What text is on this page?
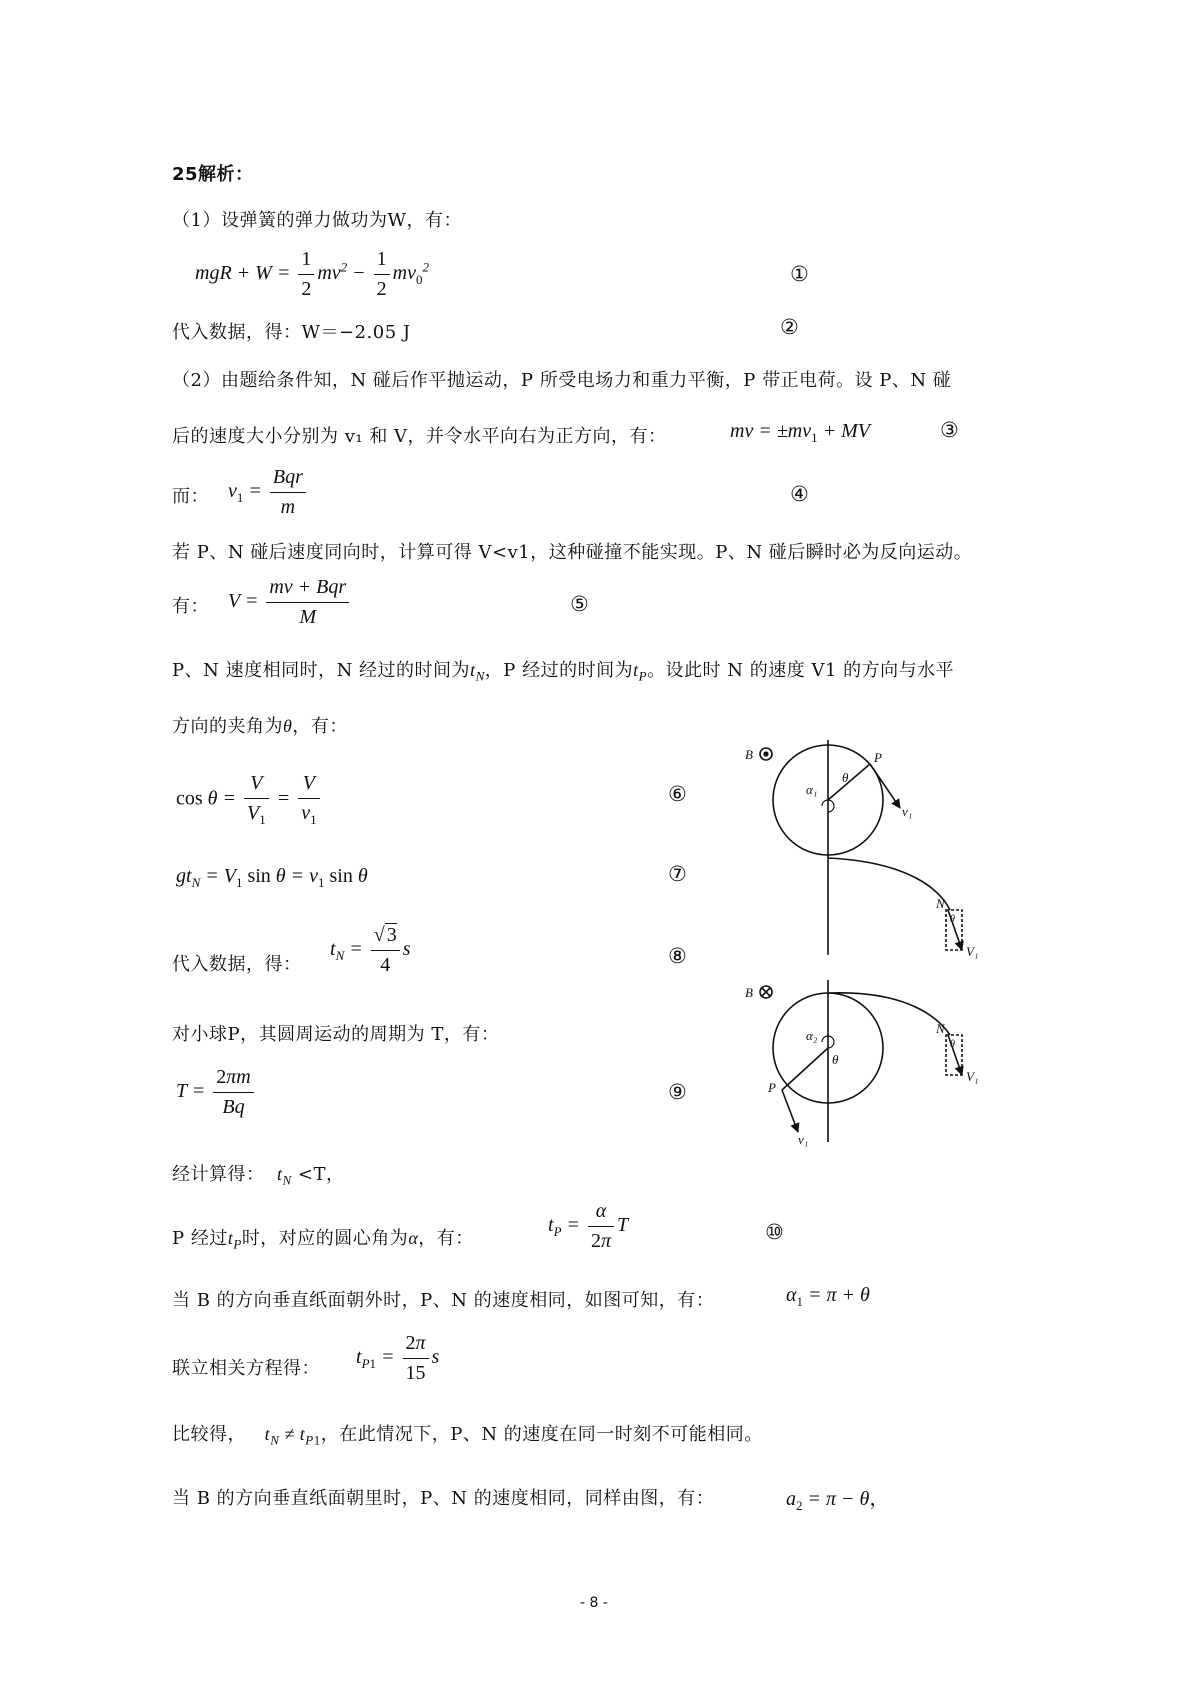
25解析：
（1）设弹簧的弹力做功为W，有：
mgR + $W = \frac{1}{2} mv^2 - \frac{1}{2} mv_0^2$	①
代入数据，得：W＝−2.05 J	②
（2）由题给条件知，N 碰后作平抛运动，P 所受电场力和重力平衡，P 带正电荷。设 P、N 碰
后的速度大小分别为 v₁ 和 V，并令水平向右为正方向，有：	mv = $\pm mv_1$ + MV	③
而： $v_1 = \frac{\text{Bqr}}{m}$	④
若 P、N 碰后速度同向时，计算可得 V<v1，这种碰撞不能实现。P、N 碰后瞬时必为反向运动。
有： $V = \frac{\text{mv + Bqr}}{M}$	⑤
P、N 速度相同时，N 经过的时间为$t_N$，P 经过的时间为$t_P$。设此时 N 的速度 V1 的方向与水平
方向的夹角为θ，有：
$\cos \theta = \frac{V}{V_1} = \frac{V}{v_1}$	⑥
$gt_N = V_1$ $\sin \theta = v_1$ sin θ	⑦
代入数据，得：
$t_N = \frac{√ 3}{4}$ s	⑧
对小球P，其圆周运动的周期为 T，有：
$T = \frac{2\pi m}{Bq}$	⑨
经计算得： $t_N <T$，
P 经过$t_P$时，对应的圆心角为α，有：
$t_P = \frac{\alpha}{2\pi}$ T	⑩
当 B 的方向垂直纸面朝外时，P、N 的速度相同，如图可知，有：	$\alpha_1 = \pi + \theta$
联立相关方程得：
$t_{P1} = \frac{2\pi}{15}$ s
比较得， $t_N \ne t_{P1}$，在此情况下，P、N 的速度在同一时刻不可能相同。
当 B 的方向垂直纸面朝里时，P、N 的速度相同，同样由图，有：	$a_2 = \pi - \theta$，
B
B
P
v₁
θ
α₁
N
V₁
θ
α₂
θ
P
v₁
N
V₁
θ
- 8 -
